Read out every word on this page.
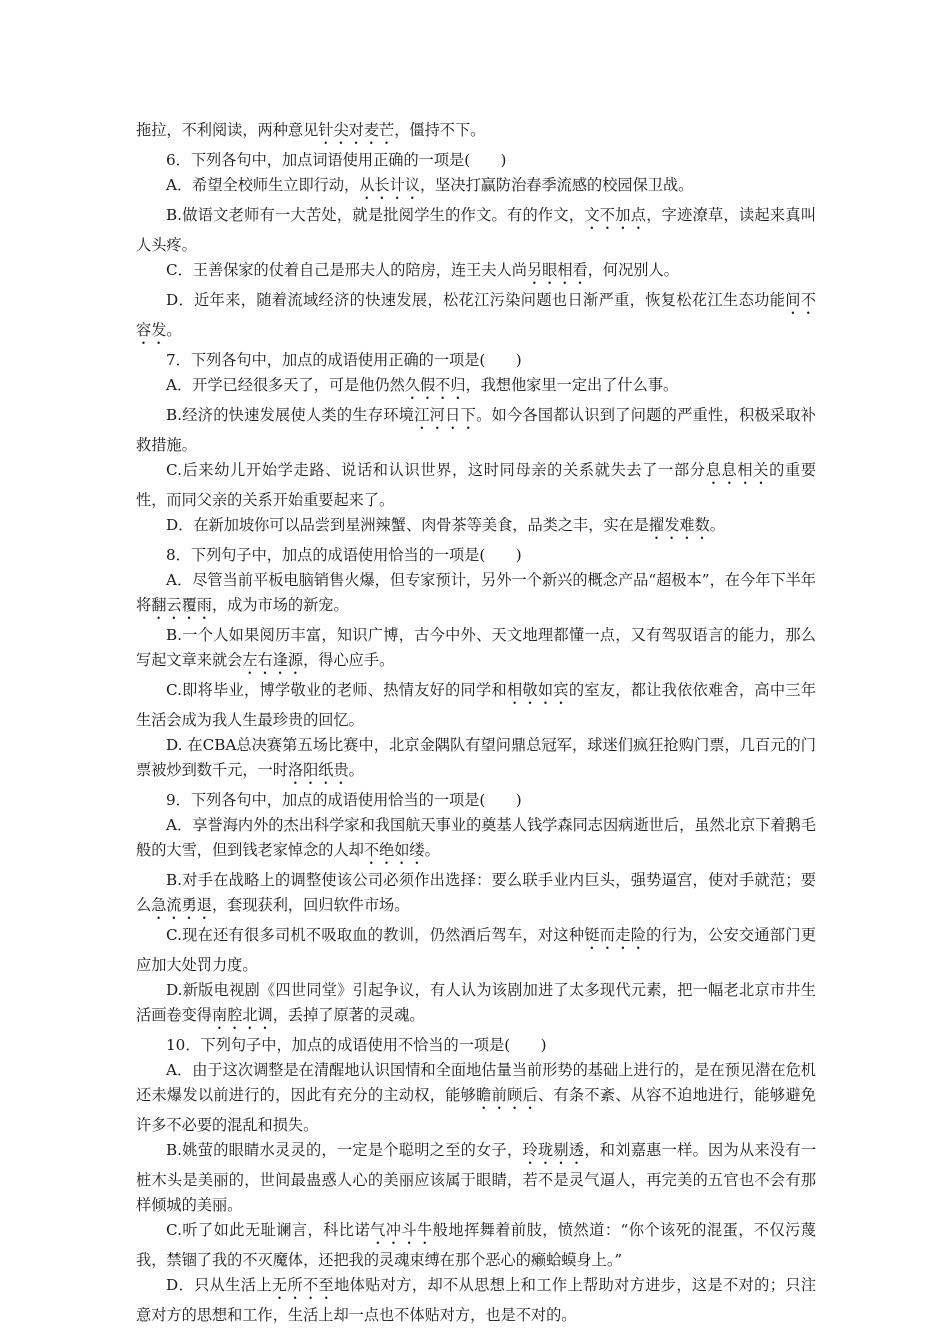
拖拉，不利阅读，两种意见针尖对麦芒，僵持不下。

6．下列各句中，加点词语使用正确的一项是(　　)

A．希望全校师生立即行动，从长计议，坚决打赢防治春季流感的校园保卫战。

B.做语文老师有一大苦处，就是批阅学生的作文。有的作文，文不加点，字迹潦草，读起来真叫人头疼。

C．王善保家的仗着自己是邢夫人的陪房，连王夫人尚另眼相看，何况别人。

D．近年来，随着流域经济的快速发展，松花江污染问题也日渐严重，恢复松花江生态功能间不容发。

7．下列各句中，加点的成语使用正确的一项是(　　)

A．开学已经很多天了，可是他仍然久假不归，我想他家里一定出了什么事。

B.经济的快速发展使人类的生存环境江河日下。如今各国都认识到了问题的严重性，积极采取补救措施。

C.后来幼儿开始学走路、说话和认识世界，这时同母亲的关系就失去了一部分息息相关的重要性，而同父亲的关系开始重要起来了。

D．在新加坡你可以品尝到星洲辣蟹、肉骨茶等美食，品类之丰，实在是擢发难数。

8．下列句子中，加点的成语使用恰当的一项是(　　)

A．尽管当前平板电脑销售火爆，但专家预计，另外一个新兴的概念产品“超极本”，在今年下半年将翻云覆雨，成为市场的新宠。

B.一个人如果阅历丰富，知识广博，古今中外、天文地理都懂一点，又有驾驭语言的能力，那么写起文章来就会左右逢源，得心应手。

C.即将毕业，博学敬业的老师、热情友好的同学和相敬如宾的室友，都让我依依难舍，高中三年生活会成为我人生最珍贵的回忆。

D. 在CBA总决赛第五场比赛中，北京金隅队有望问鼎总冠军，球迷们疯狂抢购门票，几百元的门票被炒到数千元，一时洛阳纸贵。

9．下列各句中，加点的成语使用恰当的一项是(　　)

A．享誉海内外的杰出科学家和我国航天事业的奠基人钱学森同志因病逝世后，虽然北京下着鹅毛般的大雪，但到钱老家悼念的人却不绝如缕。

B.对手在战略上的调整使该公司必须作出选择：要么联手业内巨头，强势逼宫，使对手就范；要么急流勇退，套现获利，回归软件市场。

C.现在还有很多司机不吸取血的教训，仍然酒后驾车，对这种铤而走险的行为，公安交通部门更应加大处罚力度。

D.新版电视剧《四世同堂》引起争议，有人认为该剧加进了太多现代元素，把一幅老北京市井生活画卷变得南腔北调，丢掉了原著的灵魂。

10．下列句子中，加点的成语使用不恰当的一项是(　　)

A．由于这次调整是在清醒地认识国情和全面地估量当前形势的基础上进行的，是在预见潜在危机还未爆发以前进行的，因此有充分的主动权，能够瞻前顾后、有条不紊、从容不迫地进行，能够避免许多不必要的混乱和损失。

B.姚萤的眼睛水灵灵的，一定是个聪明之至的女子，玲珑剔透，和刘嘉惠一样。因为从来没有一桩木头是美丽的，世间最蛊惑人心的美丽应该属于眼睛，若不是灵气逼人，再完美的五官也不会有那样倾城的美丽。

C.听了如此无耻谰言，科比诺气冲斗牛般地挥舞着前肢，愤然道：“你个该死的混蛋，不仅污蔑我，禁锢了我的不灭魔体，还把我的灵魂束缚在那个恶心的癞蛤蟆身上。”

D．只从生活上无所不至地体贴对方，却不从思想上和工作上帮助对方进步，这是不对的；只注意对方的思想和工作，生活上却一点也不体贴对方，也是不对的。
